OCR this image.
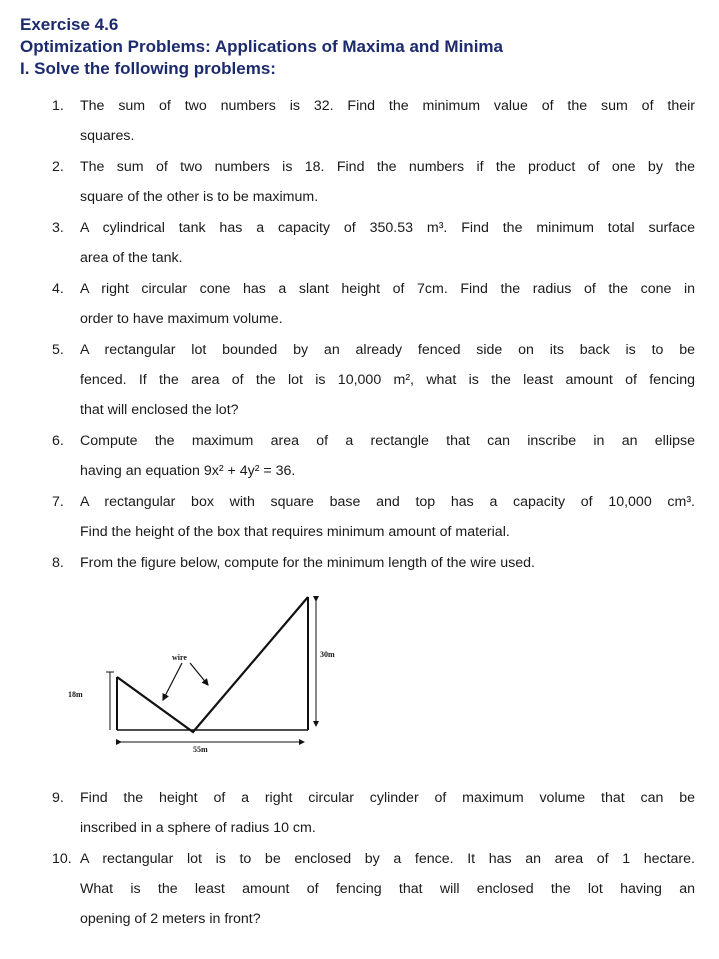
Exercise 4.6
Optimization Problems: Applications of Maxima and Minima
I. Solve the following problems:
1.	The sum of two numbers is 32. Find the minimum value of the sum of their
squares.
2.	The sum of two numbers is 18. Find the numbers if the product of one by the
square of the other is to be maximum.
3.	A cylindrical tank has a capacity of 350.53 m³. Find the minimum total surface
area of the tank.
4.	A right circular cone has a slant height of 7cm. Find the radius of the cone in
order to have maximum volume.
5.	A rectangular lot bounded by an already fenced side on its back is to be
fenced. If the area of the lot is 10,000 m², what is the least amount of fencing
that will enclosed the lot?
6.	Compute the maximum area of a rectangle that can inscribe in an ellipse
having an equation 9x² + 4y² = 36.
7.	A rectangular box with square base and top has a capacity of 10,000 cm³.
Find the height of the box that requires minimum amount of material.
8.	From the figure below, compute for the minimum length of the wire used.
9.	Find the height of a right circular cylinder of maximum volume that can be
inscribed in a sphere of radius 10 cm.
10. A rectangular lot is to be enclosed by a fence. It has an area of 1 hectare.
What is the least amount of fencing that will enclosed the lot having an
opening of 2 meters in front?
wire
18m
30m
55m
